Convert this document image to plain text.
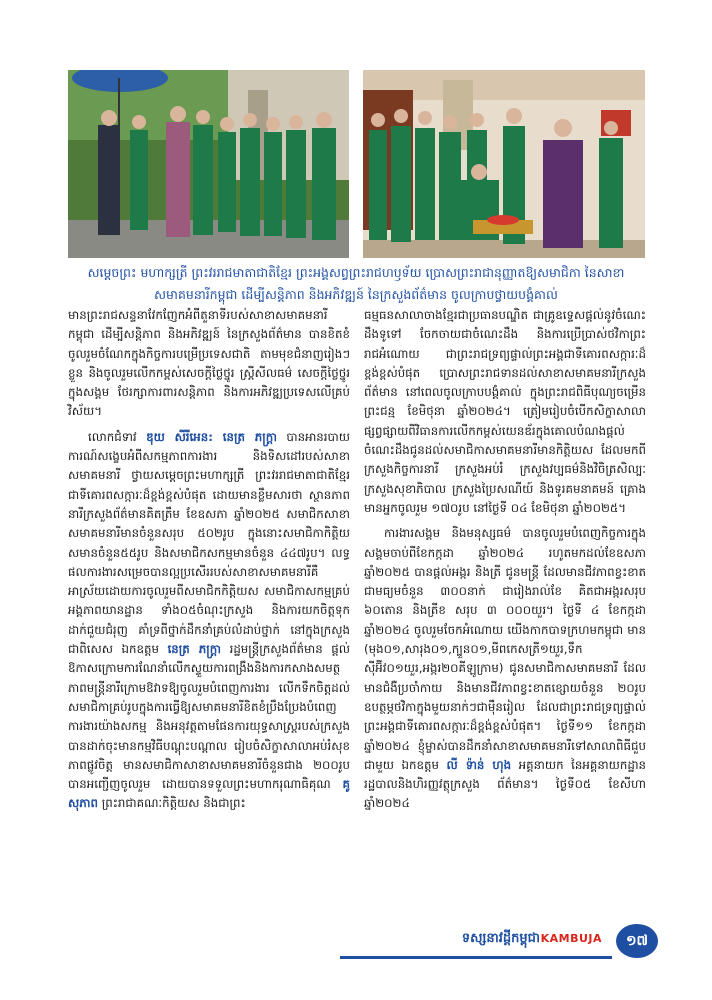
សម្តេចព្រះ មហាក្សត្រី ព្រះវររាជមាតាជាតិខ្មែរ ព្រះអង្គសព្វព្រះរាជហឫទ័យ ប្រោសព្រះរាជានុញ្ញាតឱ្យសមាជិកា នៃសាខា
សមាគមនារីកម្ពុជា ដើម្បីសន្តិភាព និងអភិវឌ្ឍន៍ នៃក្រសួងព័ត៌មាន ចូលក្រាបថ្វាយបង្គំគាល់

មានព្រះរាជសន្ទនាវែកញែកអំពីតួនាទីរបស់សាខាសមាគមនារីកម្ពុជា ដើម្បីសន្តិភាព និងអភិវឌ្ឍន៍ នៃក្រសួងព័ត៌មាន បានខិតខំចូលរួមចំណែកក្នុងកិច្ចការបម្រើប្រទេសជាតិ តាមមុខជំនាញរៀងៗខ្លួន និងចូលរួមលើកកម្ពស់សេចក្តីថ្លៃថ្នូរ ស្ត្រីសីលធម៌ សេចក្តីថ្លៃថ្នូរក្នុងសង្គម ថែរក្សាការពារសន្តិភាព និងការអភិវឌ្ឍប្រទេសលើគ្រប់វិស័យ។

លោកជំទាវ ឌុយ សីរីអេន: នេត្រ ភក្ត្រា បានអានរបាយការណ៍សង្ខេបអំពីសកម្មភាពការងារ និងទិសដៅរបស់សាខាសមាគមនារី ថ្វាយសម្តេចព្រះមហាក្សត្រី ព្រះវររាជមាតាជាតិខ្មែរ ជាទីគោរពសក្ការៈដ៏ខ្ពង់ខ្ពស់បំផុត ដោយមានខ្លឹមសារថា ស្ថានភាពនារីក្រសួងព័ត៌មានគិតត្រឹម ខែឧសភា ឆ្នាំ២០២៥ សមាជិកសាខាសមាគមនារីមានចំនួនសរុប ៥០២រូប ក្នុងនោះសមាជិកាកិត្តិយសមានចំនួន៥៥រូប និងសមាជិកសកម្មមានចំនួន ៤៤៧រូប។ លទ្ធផលការងារសម្រេចបានល្អប្រសើររបស់សាខាសមាគមនារីគឺអាស្រ័យដោយការចូលរួមពីសមាជិកកិត្តិយស សមាជិកាសកម្មគ្រប់អង្គភាពយានដ្ឋាន ទាំង០៥ចំណុះក្រសួង និងការយកចិត្តទុកដាក់ជួយជំរុញ គាំទ្រពីថ្នាក់ដឹកនាំគ្រប់លំដាប់ថ្នាក់ នៅក្នុងក្រសួង ជាពិសេស ឯកឧត្តម នេត្រ ភក្ត្រា រដ្ឋមន្ត្រីក្រសួងព័ត៌មាន ផ្តល់ឱកាសក្រោមការណែនាំលើកស្ទួយការពង្រឹងនិងការកសាងសមត្ថភាពមន្ត្រីនារីក្រោមឱវាទឱ្យចូលរួមបំពេញការងារ លើកទឹកចិត្តដល់សមាជិកាគ្រប់រូបក្នុងការធ្វើឱ្យសមាគមនារីខិតខំប្រឹងប្រែងបំពេញការងារយ៉ាងសកម្ម និងអនុវត្តតាមផែនការយុទ្ធសាស្ត្ររបស់ក្រសួង បានដាក់ចុះមានកម្មវិធីបណ្តុះបណ្តាល រៀបចំសិក្ខាសាលាអប់រំសុខភាពផ្លូវចិត្ត មានសមាជិកាសាខាសមាគមនារីចំនួនជាង ២០០រូប បានអញ្ជើញចូលរួម ដោយបានទទួលព្រះមហាករុណាធិគុណ គូ សុភាព ព្រះរាជាគណៈកិត្តិយស និងជាព្រះ

ធម្មធនសាលាចាងខ្មែរជាប្រធានបណ្ឌិត ជាគ្រូឧទ្ទេសផ្តល់នូវចំណេះដឹងទូទៅ ចែកចាយជាចំណេះដឹង និងការប្រើប្រាស់ថវិកាព្រះរាជអំណោយ ជាព្រះរាជទ្រព្យផ្ទាល់ព្រះអង្គជាទីគោរពសក្ការៈដ៏ខ្ពង់ខ្ពស់បំផុត ប្រោសព្រះរាជទានដល់សាខាសមាគមនារីក្រសួងព័ត៌មាន នៅពេលចូលក្រាបបង្គំគាល់ ក្នុងព្រះរាជពិធីបុណ្យចម្រើនព្រះជន្ម ខែមិថុនា ឆ្នាំ២០២៤។ ត្រៀមរៀបចំបើកសិក្ខាសាលាផ្សព្វផ្សាយពីវិធានការលើកកម្ពស់យេនឌ័រក្នុងគោលបំណងផ្តល់ចំណេះដឹងជូនដល់សមាជិកាសមាគមនារីមានកិត្តិយស ដែលមកពីក្រសួងកិច្ចការនារី ក្រសួងអប់រំ ក្រសួងវប្បធម៌និងវិចិត្រសិល្បៈ ក្រសួងសុខាភិបាល ក្រសួងប្រៃសណីយ៍ និងទូរគមនាគមន៍ គ្រោងមានអ្នកចូលរួម ១៧០រូប នៅថ្ងៃទី ០៤ ខែមិថុនា ឆ្នាំ២០២៥។

ការងារសង្គម និងមនុស្សធម៌ បានចូលរួមបំពេញកិច្ចការក្នុងសង្គមចាប់ពីខែកក្កដា ឆ្នាំ២០២៤ រហូតមកដល់ខែឧសភា ឆ្នាំ២០២៥ បានផ្តល់អង្ករ និងត្រី ជូនមន្ត្រី ដែលមានជីវភាពខ្វះខាត ជាមធ្យមចំនួន ៣០០នាក់ ជារៀងរាល់ខែ គិតជាអង្ករសរុប ៦០តោន និងត្រីខ សរុប ៣ ០០០យួរ។ ថ្ងៃទី ៤ ខែកក្កដា ឆ្នាំ២០២៤ ចូលរួមចែកអំណោយ យើងកាកបាទក្រហមកម្ពុជា មាន (មុង០១,សារុង០១,ក្បួន០១,មីពកេសត្រី១យួរ,ទឹកស៊ីអ៊ីវ០១យួរ,អង្ករ២០គីឡូក្រាម) ជូនសមាជិកាសមាគមនារី ដែលមានជំងឺប្រចាំកាយ និងមានជីវភាពខ្វះខាតខ្សោយចំនួន ២០រូប ឧបត្ថម្ភថវិកាក្នុងមួយនាក់ៗជាម៉ឺនរៀល ដែលជាព្រះរាជទ្រព្យផ្ទាល់ព្រះអង្គជាទីគោរពសក្ការៈដ៏ខ្ពង់ខ្ពស់បំផុត។ ថ្ងៃទី១១ ខែកក្កដា ឆ្នាំ២០២៤ ខ្ញុំម្ចាស់បានដឹកនាំសាខាសមាគមនារីទៅសាលាពិធីជួបជាមួយ ឯកឧត្តម លី ទ៉ាន់ ហុង អគ្គនាយក នៃអគ្គនាយកដ្ឋានរដ្ឋបាលនិងហិរញ្ញវត្ថុក្រសួង ព័ត៌មាន។ ថ្ងៃទី០៥ ខែសីហា ឆ្នាំ២០២៤

ទស្សនាវដ្តីកម្ពុជា KAMBUJA	១៧
